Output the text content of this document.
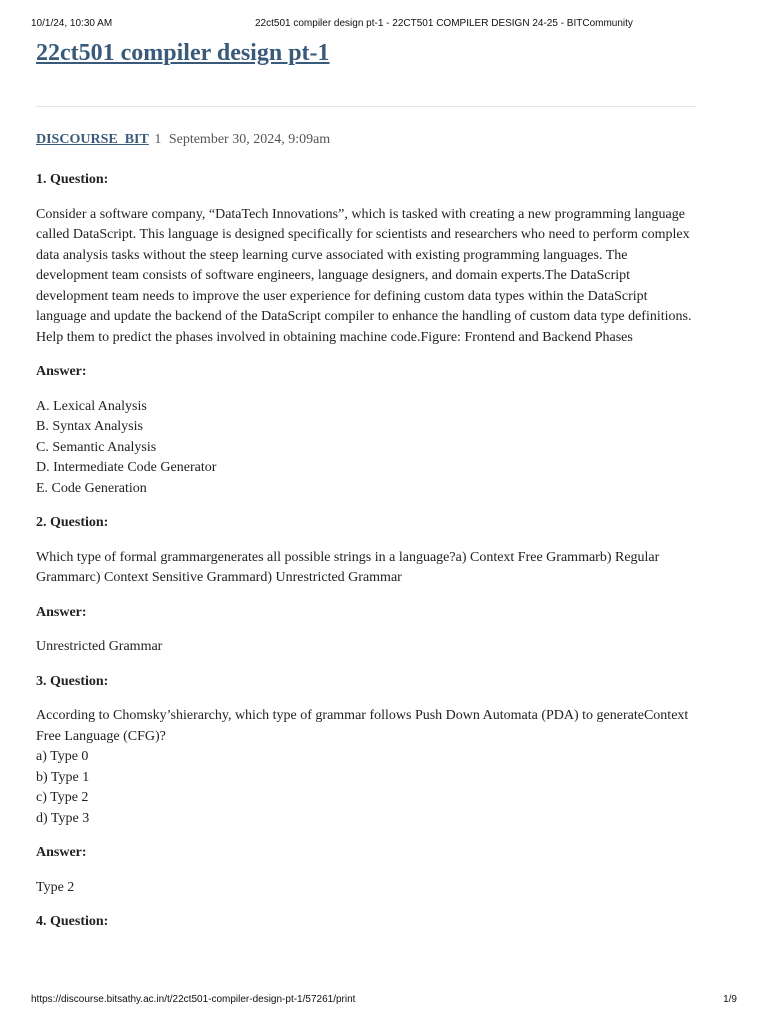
10/1/24, 10:30 AM	22ct501 compiler design pt-1 - 22CT501 COMPILER DESIGN 24-25 - BITCommunity
22ct501 compiler design pt-1
DISCOURSE_BIT 1 September 30, 2024, 9:09am

1. Question:

Consider a software company, “DataTech Innovations”, which is tasked with creating a new programming language called DataScript. This language is designed specifically for scientists and researchers who need to perform complex data analysis tasks without the steep learning curve associated with existing programming languages. The development team consists of software engineers, language designers, and domain experts.The DataScript development team needs to improve the user experience for defining custom data types within the DataScript language and update the backend of the DataScript compiler to enhance the handling of custom data type definitions. Help them to predict the phases involved in obtaining machine code.Figure: Frontend and Backend Phases

Answer:

A. Lexical Analysis
B. Syntax Analysis
C. Semantic Analysis
D. Intermediate Code Generator
E. Code Generation

2. Question:

Which type of formal grammargenerates all possible strings in a language?a) Context Free Grammarb) Regular Grammarc) Context Sensitive Grammard) Unrestricted Grammar

Answer:

Unrestricted Grammar

3. Question:

According to Chomsky’shierarchy, which type of grammar follows Push Down Automata (PDA) to generateContext Free Language (CFG)?
a) Type 0
b) Type 1
c) Type 2
d) Type 3

Answer:

Type 2

4. Question:

https://discourse.bitsathy.ac.in/t/22ct501-compiler-design-pt-1/57261/print	1/9
